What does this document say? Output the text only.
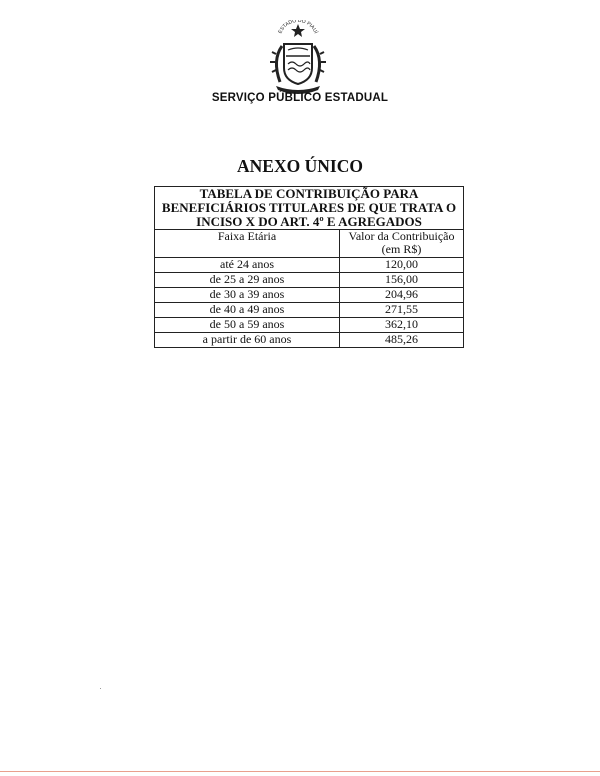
ESTADO DO PIAUÍ
SERVIÇO PÚBLICO ESTADUAL
ANEXO ÚNICO
TABELA DE CONTRIBUIÇÃO PARA
BENEFICIÁRIOS TITULARES DE QUE TRATA O
INCISO X DO ART. 4º E AGREGADOS	

Faixa Etária	Valor da Contribuição
(em R$)

até 24 anos	120,00
de 25 a 29 anos	156,00
de 30 a 39 anos	204,96
de 40 a 49 anos	271,55
de 50 a 59 anos	362,10
a partir de 60 anos	485,26
